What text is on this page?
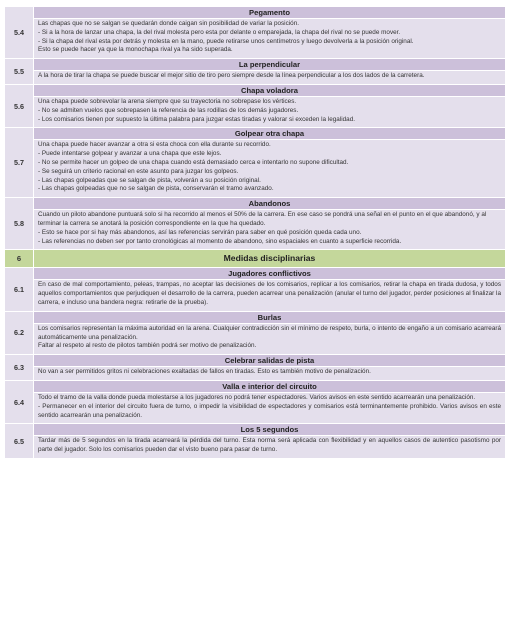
5.4
Pegamento

Las chapas que no se salgan se quedarán donde caigan sin posibilidad de variar la posición.

- Si a la hora de lanzar una chapa, la del rival molesta pero esta por delante o emparejada, la chapa del rival no se puede mover.

- Si la chapa del rival esta por detrás y molesta en la mano, puede retirarse unos centímetros y luego devolverla a la posición original.

Esto se puede hacer ya que la monochapa rival ya ha sido superada.

5.5
La perpendicular

A la hora de tirar la chapa se puede buscar el mejor sitio de tiro pero siempre desde la línea perpendicular a los dos lados de la carretera.

5.6
Chapa voladora

Una chapa puede sobrevolar la arena siempre que su trayectoria no sobrepase los vértices.

- No se admiten vuelos que sobrepasen la referencia de las rodillas de los demás jugadores.

- Los comisarios tienen por supuesto la última palabra para juzgar estas tiradas y valorar si exceden la legalidad.

5.7
Golpear otra chapa

Una chapa puede hacer avanzar a otra si esta choca con ella durante su recorrido.

- Puede intentarse golpear y avanzar a una chapa que este lejos.

- No se permite hacer un golpeo de una chapa cuando está demasiado cerca e intentarlo no supone dificultad.

- Se seguirá un criterio racional en este asunto para juzgar los golpeos.

- Las chapas golpeadas que se salgan de pista, volverán a su posición original.

- Las chapas golpeadas que no se salgan de pista, conservarán el tramo avanzado.

5.8
Abandonos

Cuando un piloto abandone puntuará solo si ha recorrido al menos el 50% de la carrera. En ese caso se pondrá una señal en el punto en el que abandonó, y al terminar la carrera se anotará la posición correspondiente en la que ha quedado.

- Esto se hace por si hay más abandonos, así las referencias servirán para saber en qué posición queda cada uno.

- Las referencias no deben ser por tanto cronológicas al momento de abandono, sino espaciales en cuanto a superficie recorrida.

6	Medidas disciplinarias
6.1
Jugadores conflictivos

En caso de mal comportamiento, peleas, trampas, no aceptar las decisiones de los comisarios, replicar a los comisarios, retirar la chapa en tirada dudosa, y todos aquellos comportamientos que perjudiquen el desarrollo de la carrera, pueden acarrear una penalización (anular el turno del jugador, perder posiciones al finalizar la carrera, e incluso una bandera negra: retirarle de la prueba).

6.2
Burlas

Los comisarios representan la máxima autoridad en la arena. Cualquier contradicción sin el mínimo de respeto, burla, o intento de engaño a un comisario acarreará automáticamente una penalización.

Faltar al respeto al resto de pilotos también podrá ser motivo de penalización.

6.3
Celebrar salidas de pista

No van a ser permitidos gritos ni celebraciones exaltadas de fallos en tiradas. Esto es también motivo de penalización.

6.4
Valla e interior del circuito

Todo el tramo de la valla donde pueda molestarse a los jugadores no podrá tener espectadores. Varios avisos en este sentido acarrearán una penalización.

- Permanecer en el interior del circuito fuera de turno, o impedir la visibilidad de espectadores y comisarios está terminantemente prohibido. Varios avisos en este sentido acarrearán una penalización.

6.5
Los 5 segundos

Tardar más de 5 segundos en la tirada acarreará la pérdida del turno. Esta norma será aplicada con flexibilidad y en aquellos casos de autentico pasotismo por parte del jugador. Solo los comisarios pueden dar el visto bueno para pasar de turno.
